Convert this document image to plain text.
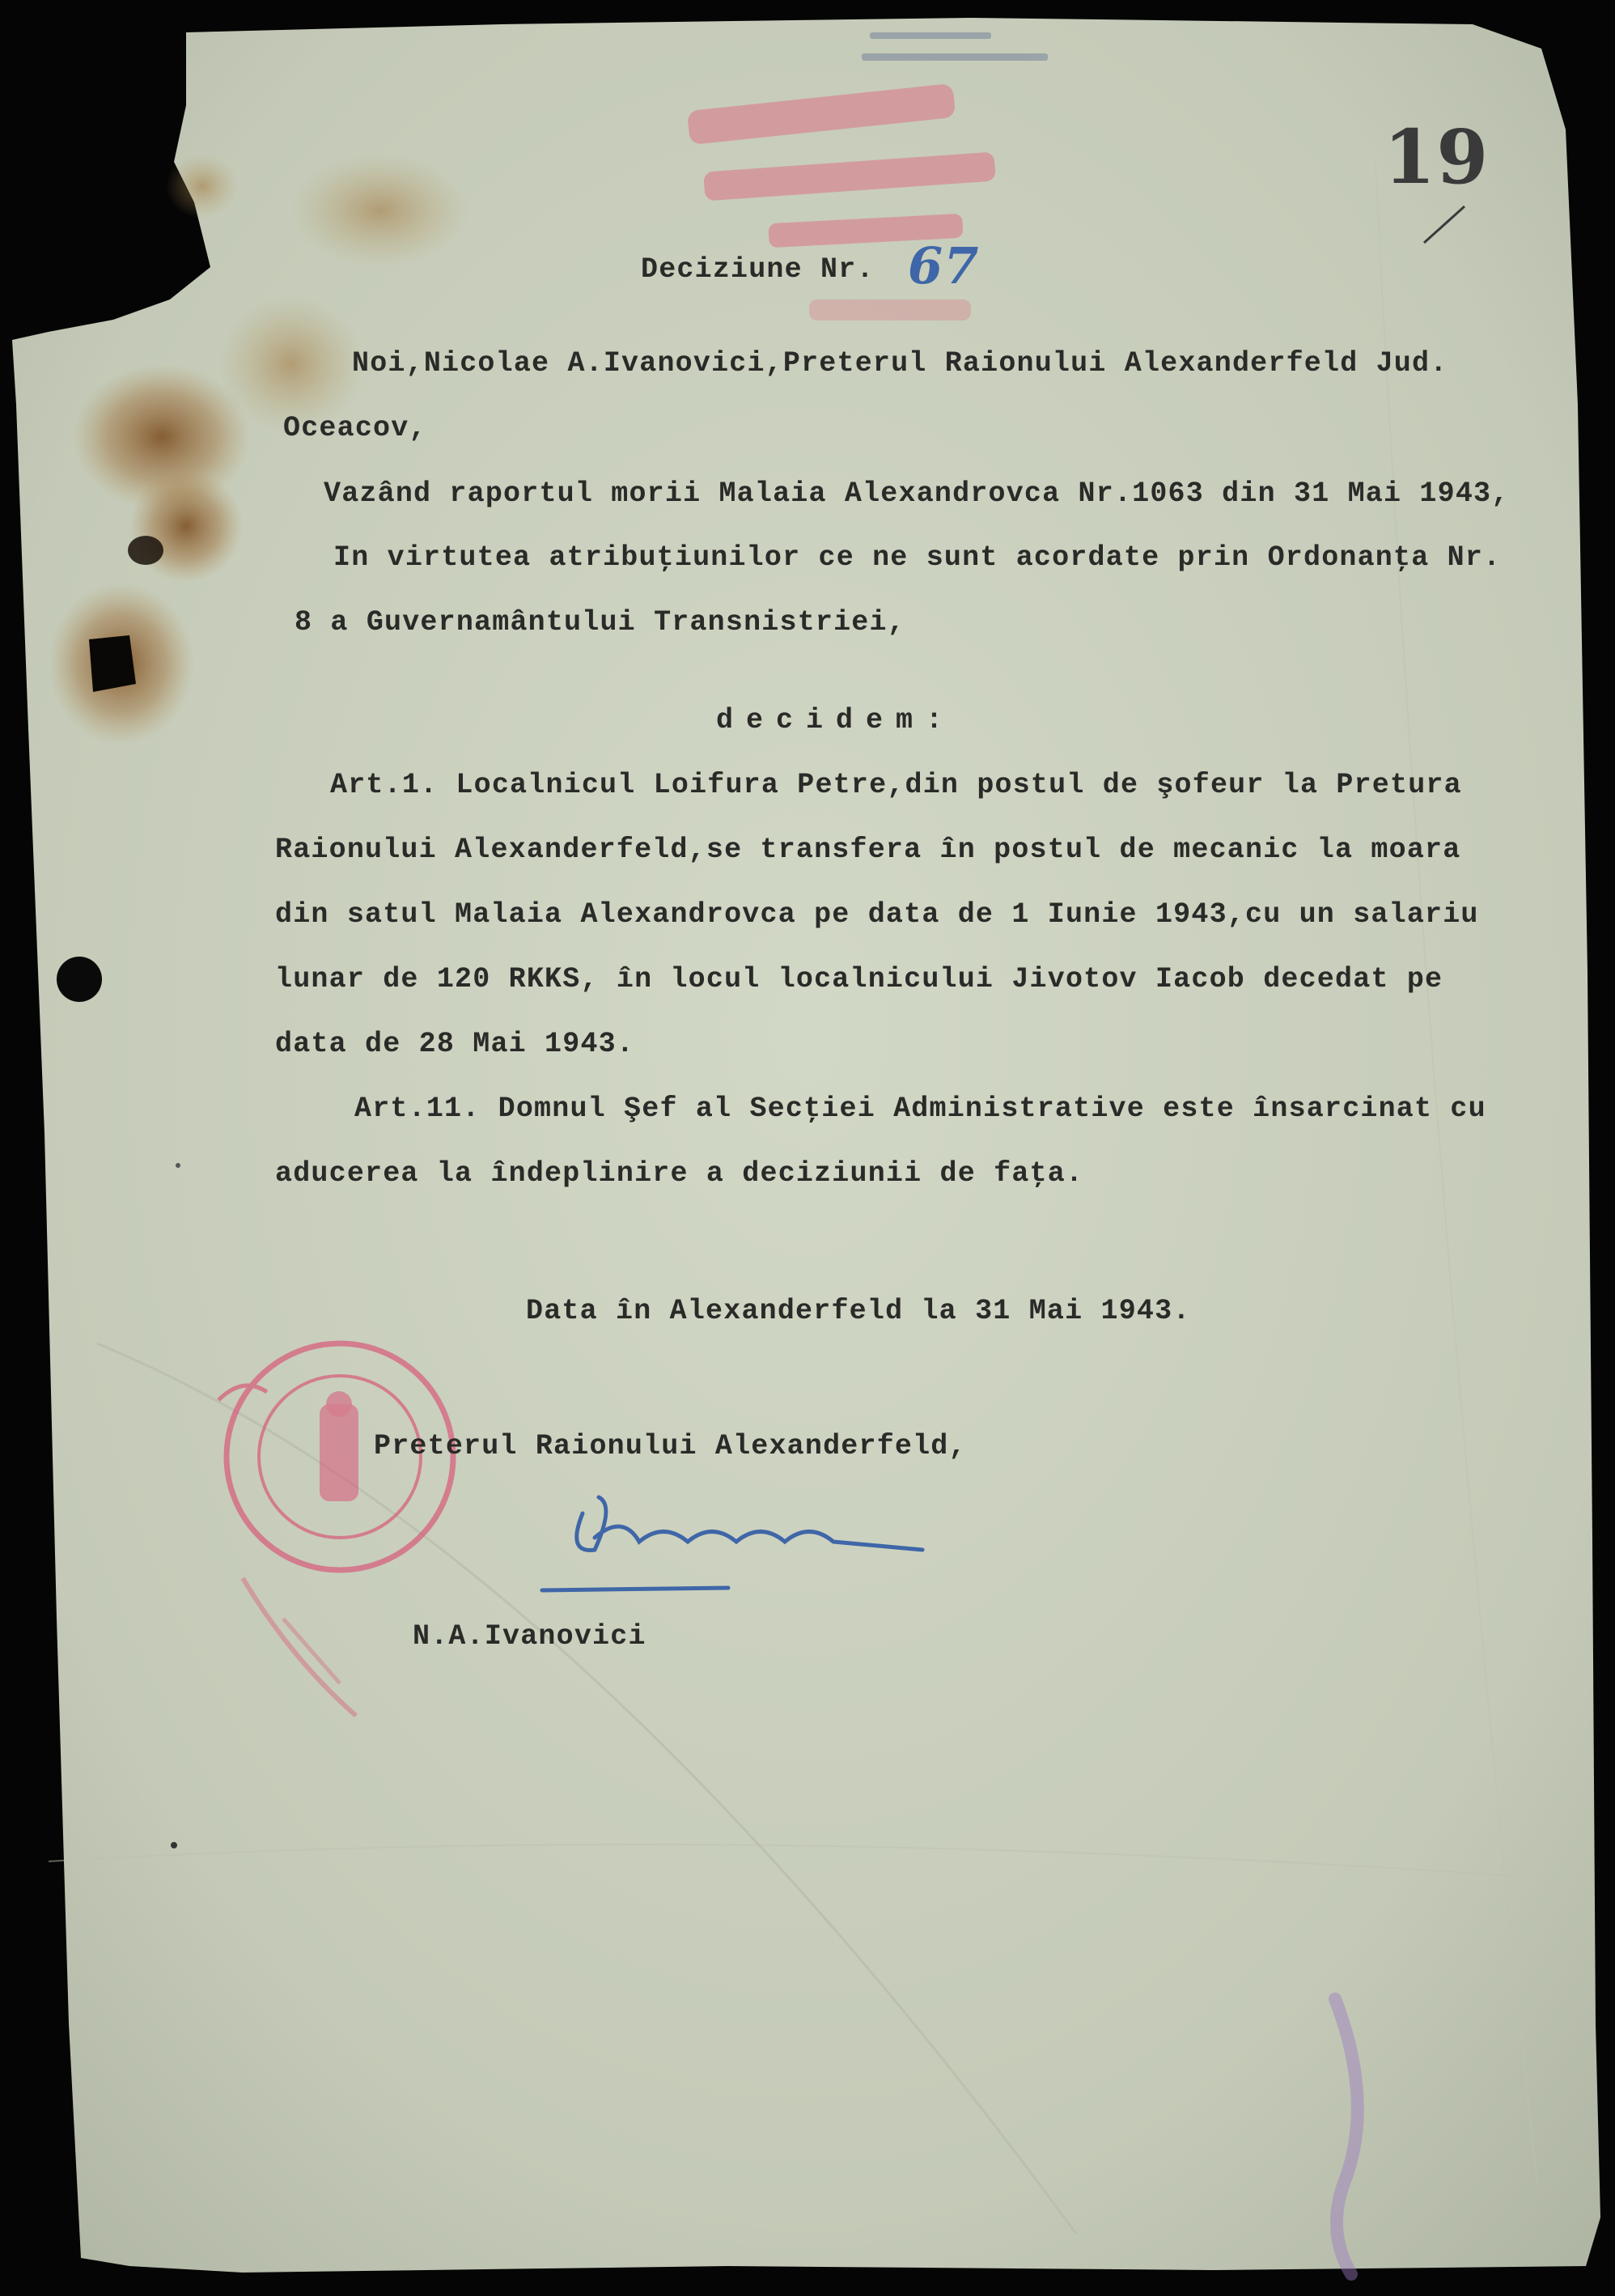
19
Deciziune Nr. 67
Noi,Nicolae A.Ivanovici,Preterul Raionului Alexanderfeld Jud.
Oceacov,
Vazând raportul morii Malaia Alexandrovca Nr.1063 din 31 Mai 1943,
In virtutea atribuţiunilor ce ne sunt acordate prin Ordonanţa Nr.
8 a Guvernamântului Transnistriei,
decidem:
Art.1. Localnicul Loifura Petre,din postul de şofeur la Pretura
Raionului Alexanderfeld,se transfera în postul de mecanic la moara
din satul Malaia Alexandrovca pe data de 1 Iunie 1943,cu un salariu
lunar de 120 RKKS, în locul localnicului Jivotov Iacob decedat pe
data de 28 Mai 1943.
Art.11. Domnul Şef al Secţiei Administrative este însarcinat cu
aducerea la îndeplinire a deciziunii de faţa.
Data în Alexanderfeld la 31 Mai 1943.
Preterul Raionului Alexanderfeld,
N.A.Ivanovici
